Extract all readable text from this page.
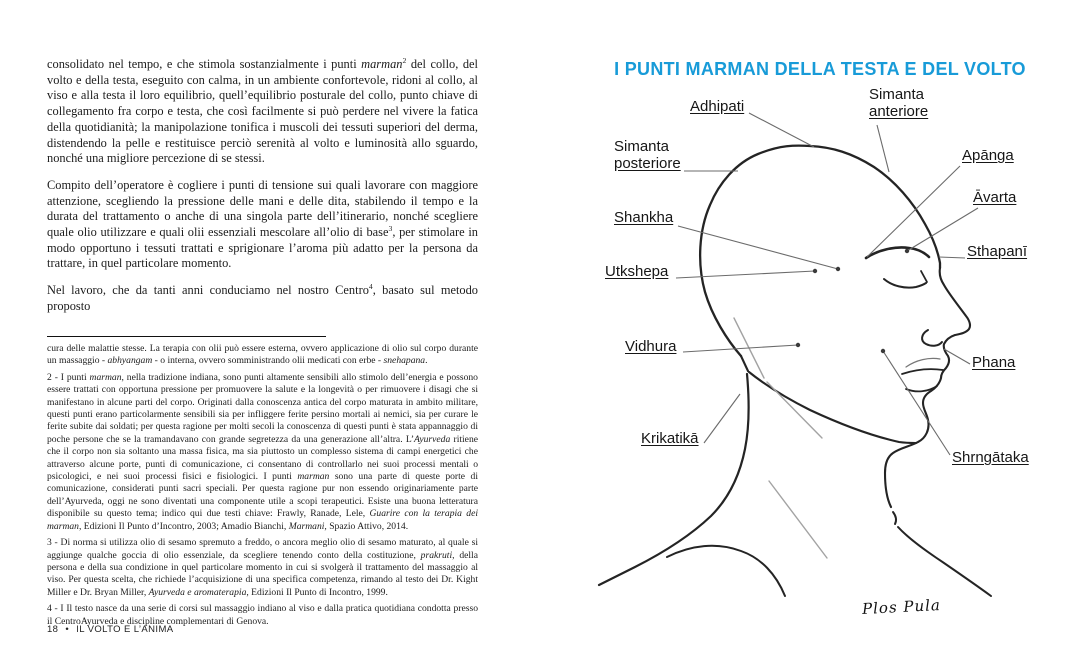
consolidato nel tempo, e che stimola sostanzialmente i punti marman$^2$ del collo, del volto e della testa, eseguito con calma, in un ambiente confortevole, ridoni al collo, al viso e alla testa il loro equilibrio, quell’equilibrio posturale del collo, punto chiave di collegamento fra corpo e testa, che così facilmente si può perdere nel vivere la fatica della quotidianità; la manipolazione tonifica i muscoli dei tessuti superiori del derma, distendendo la pelle e restituisce perciò serenità al volto e luminosità allo sguardo, nonché una migliore percezione di se stessi.

Compito dell’operatore è cogliere i punti di tensione sui quali lavorare con maggiore attenzione, scegliendo la pressione delle mani e delle dita, stabilendo il tempo e la durata del trattamento o anche di una singola parte dell’itinerario, nonché scegliere quale olio utilizzare e quali olii essenziali mescolare all’olio di base$^3$, per stimolare in modo opportuno i tessuti trattati e sprigionare l’aroma più adatto per la persona da trattare, in quel particolare momento.

Nel lavoro, che da tanti anni conduciamo nel nostro Centro$^4$, basato sul metodo proposto

cura delle malattie stesse. La terapia con olii può essere esterna, ovvero applicazione di olio sul corpo durante un massaggio - abhyangam - o interna, ovvero somministrando olii medicati con erbe - snehapana.

2 - I punti marman, nella tradizione indiana, sono punti altamente sensibili allo stimolo dell’energia e possono essere trattati con opportuna pressione per promuovere la salute e la longevità o per rimuovere i disagi che si manifestano in alcune parti del corpo. Originati dalla conoscenza antica del corpo maturata in ambito militare, questi punti erano particolarmente sensibili sia per infliggere ferite persino mortali ai nemici, sia per curare le ferite subite dai soldati; per questa ragione per molti secoli la conoscenza di questi punti è stata appannaggio di poche persone che se la tramandavano con grande segretezza da una generazione all’altra. L’Ayurveda ritiene che il corpo non sia soltanto una massa fisica, ma sia piuttosto un complesso sistema di campi energetici che attraverso alcune porte, punti di comunicazione, ci consentano di controllarlo nei suoi processi mentali o psicologici, e nei suoi processi fisici e fisiologici. I punti marman sono una parte di queste porte di comunicazione, considerati punti sacri speciali. Per questa ragione pur non essendo originariamente parte dell’Ayurveda, oggi ne sono diventati una componente utile a scopi terapeutici. Esiste una buona letteratura disponibile su questo tema; indico qui due testi chiave: Frawly, Ranade, Lele, Guarire con la terapia dei marman, Edizioni Il Punto d’Incontro, 2003; Amadio Bianchi, Marmani, Spazio Attivo, 2014.

3 - Di norma si utilizza olio di sesamo spremuto a freddo, o ancora meglio olio di sesamo maturato, al quale si aggiunge qualche goccia di olio essenziale, da scegliere tenendo conto della costituzione, prakruti, della persona e della sua condizione in quel particolare momento in cui si svolgerà il trattamento del massaggio al viso. Per questa scelta, che richiede l’acquisizione di una specifica competenza, rimando al testo dei Dr. Kight Miller e Dr. Bryan Miller, Ayurveda e aromaterapia, Edizioni Il Punto di Incontro, 1999.

4 - I Il testo nasce da una serie di corsi sul massaggio indiano al viso e dalla pratica quotidiana condotta presso il CentroAyurveda e discipline complementari di Genova.

18 • IL VOLTO E L’ANIMA
I PUNTI MARMAN DELLA TESTA E DEL VOLTO
Adhipati
Simanta
anteriore
Simanta
posteriore	Apānga
Āvarta
Shankha
Sthapanī
Utkshepa
Vidhura
Phana
Krikatikā
Shrngātaka
Plos Pula
